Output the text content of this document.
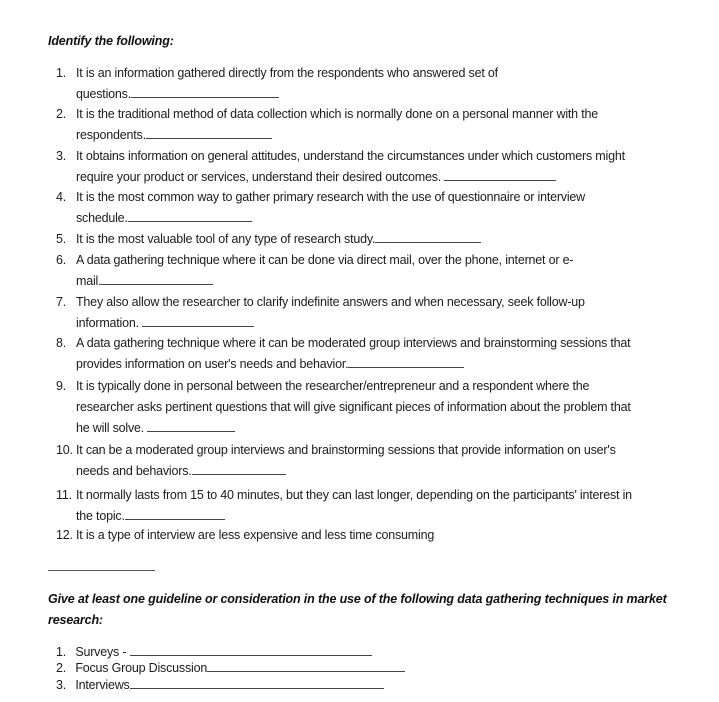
Identify the following:
1. It is an information gathered directly from the respondents who answered set of
questions.
2. It is the traditional method of data collection which is normally done on a personal manner with the
respondents.
3. It obtains information on general attitudes, understand the circumstances under which customers might
require your product or services, understand their desired outcomes.
4. It is the most common way to gather primary research with the use of questionnaire or interview
schedule.
5. It is the most valuable tool of any type of research study.
6. A data gathering technique where it can be done via direct mail, over the phone, internet or e-
mail.
7. They also allow the researcher to clarify indefinite answers and when necessary, seek follow-up
information.
8. A data gathering technique where it can be moderated group interviews and brainstorming sessions that
provides information on user's needs and behavior.
9. It is typically done in personal between the researcher/entrepreneur and a respondent where the
researcher asks pertinent questions that will give significant pieces of information about the problem that
he will solve.
10. It can be a moderated group interviews and brainstorming sessions that provide information on user's
needs and behaviors.
11. It normally lasts from 15 to 40 minutes, but they can last longer, depending on the participants' interest in
the topic.
12. It is a type of interview are less expensive and less time consuming
Give at least one guideline or consideration in the use of the following data gathering techniques in market
research:
1. Surveys -
2. Focus Group Discussion
3. Interviews
